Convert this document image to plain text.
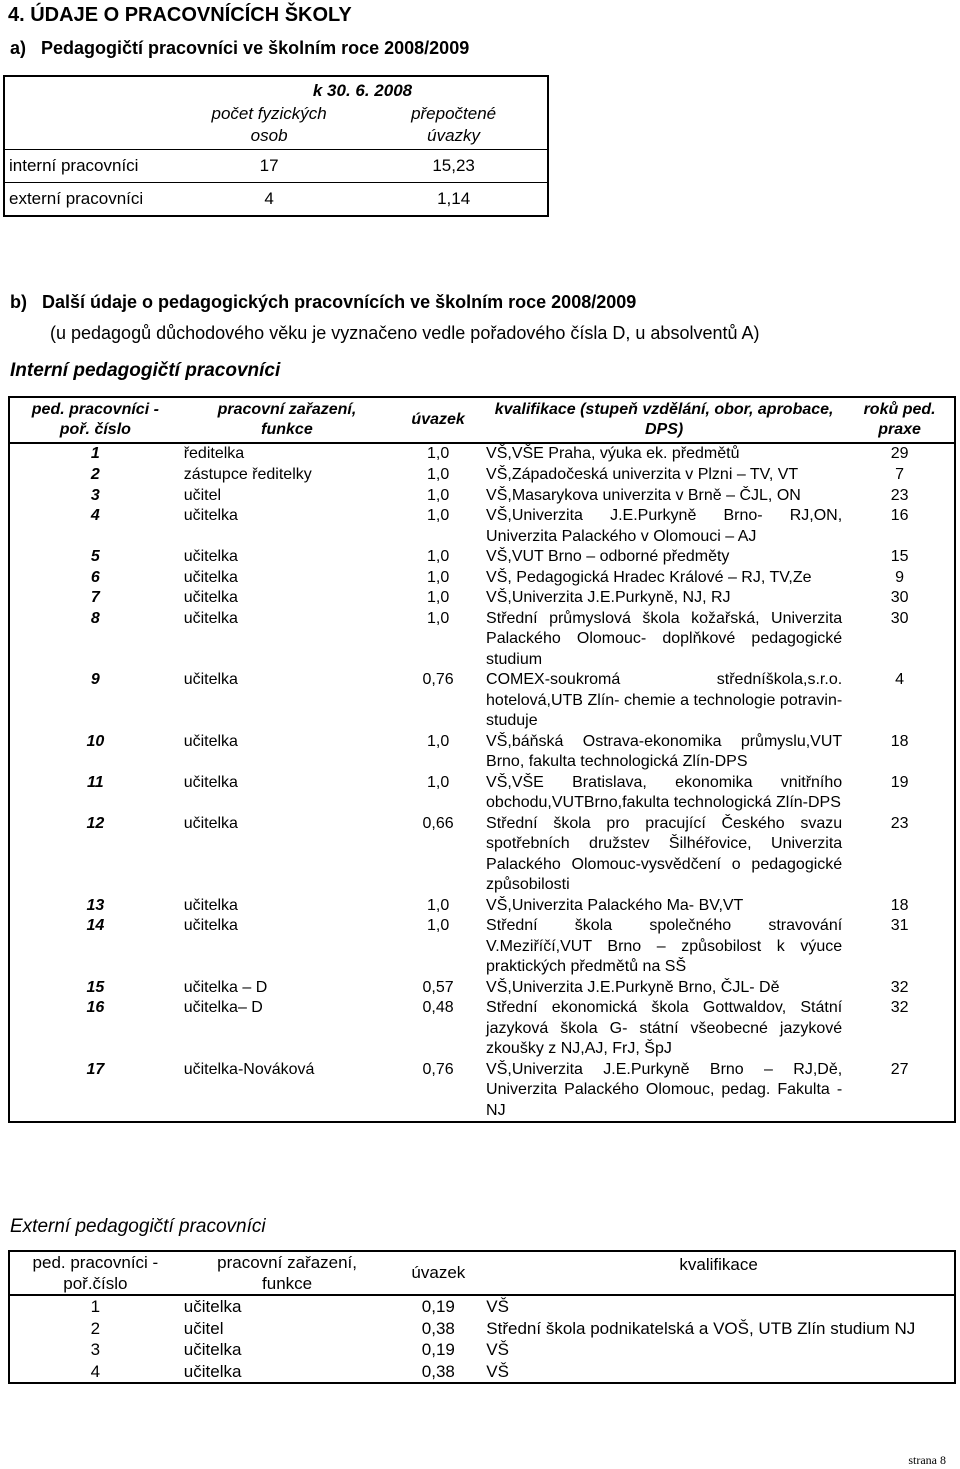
4. ÚDAJE O PRACOVNÍCÍCH ŠKOLY
a)   Pedagogičtí pracovníci ve školním roce 2008/2009
	k 30. 6. 2008	
	počet fyzických osob	přepočtené úvazky
interní pracovníci	17	15,23
externí pracovníci	4	1,14
b)   Další údaje o pedagogických pracovnících ve školním roce 2008/2009
(u pedagogů důchodového věku je vyznačeno vedle pořadového čísla D, u absolventů A)
Interní pedagogičtí pracovníci
ped. pracovníci - poř. číslo	pracovní zařazení, funkce	úvazek	kvalifikace (stupeň vzdělání, obor, aprobace, DPS)	roků ped. praxe
1	ředitelka	1,0	VŠ,VŠE Praha, výuka ek. předmětů	29
2	zástupce ředitelky	1,0	VŠ,Západočeská univerzita v Plzni – TV, VT	7
3	učitel	1,0	VŠ,Masarykova univerzita v Brně – ČJL, ON	23
4	učitelka	1,0	VŠ,Univerzita J.E.Purkyně Brno- RJ,ON, Univerzita Palackého v Olomouci – AJ	16
5	učitelka	1,0	VŠ,VUT Brno – odborné předměty	15
6	učitelka	1,0	VŠ, Pedagogická Hradec Králové – RJ, TV,Ze	9
7	učitelka	1,0	VŠ,Univerzita J.E.Purkyně, NJ, RJ	30
8	učitelka	1,0	Střední průmyslová škola kožařská, Univerzita Palackého Olomouc- doplňkové pedagogické studium	30
9	učitelka	0,76	COMEX-soukromá středníškola,s.r.o. hotelová,UTB Zlín- chemie a technologie potravin-studuje	4
10	učitelka	1,0	VŠ,báňská Ostrava-ekonomika průmyslu,VUT Brno, fakulta technologická Zlín-DPS	18
11	učitelka	1,0	VŠ,VŠE Bratislava, ekonomika vnitřního obchodu,VUTBrno,fakulta technologická Zlín-DPS	19
12	učitelka	0,66	Střední škola pro pracující Českého svazu spotřebních družstev Šilhéřovice, Univerzita Palackého Olomouc-vysvědčení o pedagogické způsobilosti	23
13	učitelka	1,0	VŠ,Univerzita Palackého Ma- BV,VT	18
14	učitelka	1,0	Střední škola společného stravování V.Meziříčí,VUT Brno – způsobilost k výuce praktických předmětů na SŠ	31
15	učitelka – D	0,57	VŠ,Univerzita J.E.Purkyně Brno, ČJL- Dě	32
16	učitelka– D	0,48	Střední ekonomická škola Gottwaldov, Státní jazyková škola G- státní všeobecné jazykové zkoušky z NJ,AJ, FrJ, ŠpJ	32
17	učitelka-Nováková	0,76	VŠ,Univerzita J.E.Purkyně Brno – RJ,Dě, Univerzita Palackého Olomouc, pedag. Fakulta - NJ	27
Externí pedagogičtí pracovníci
ped. pracovníci - poř.číslo	pracovní zařazení, funkce	úvazek	kvalifikace
1	učitelka	0,19	VŠ
2	učitel	0,38	Střední škola podnikatelská a VOŠ, UTB Zlín studium NJ
3	učitelka	0,19	VŠ
4	učitelka	0,38	VŠ
strana 8
